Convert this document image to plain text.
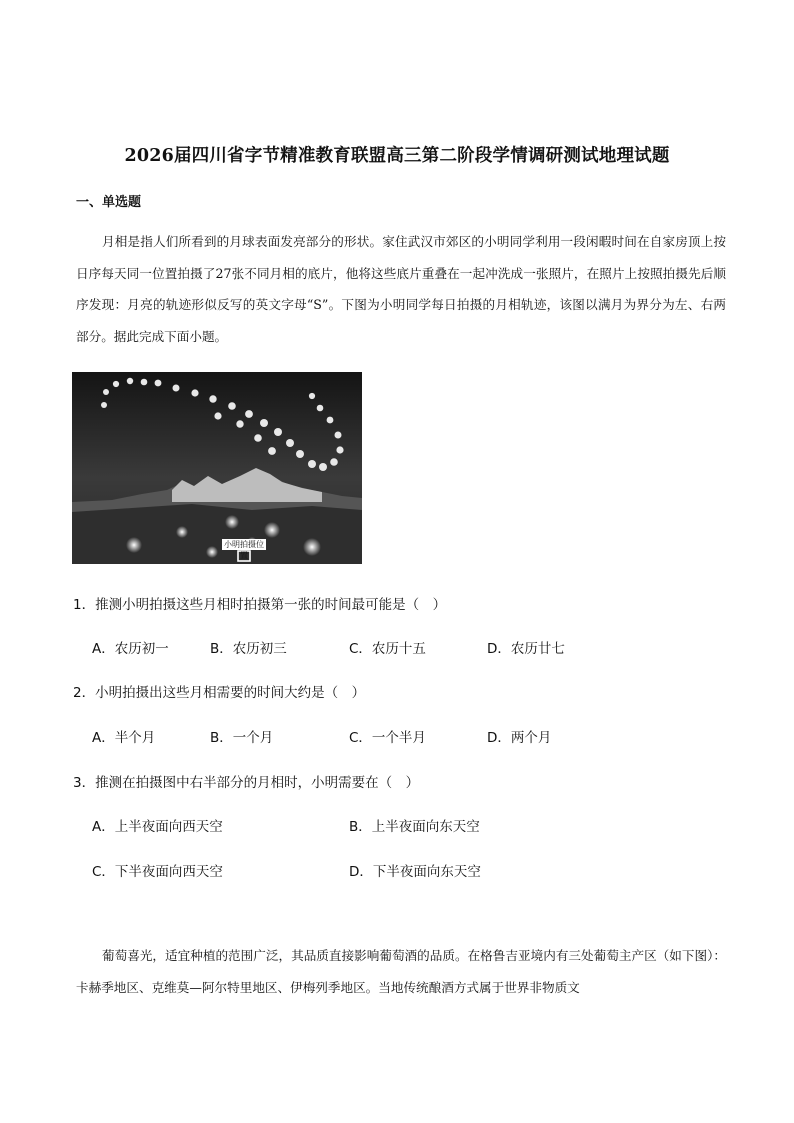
2026届四川省字节精准教育联盟高三第二阶段学情调研测试地理试题
一、单选题
月相是指人们所看到的月球表面发亮部分的形状。家住武汉市郊区的小明同学利用一段闲暇时间在自家房顶上按日序每天同一位置拍摄了27张不同月相的底片，他将这些底片重叠在一起冲洗成一张照片，在照片上按照拍摄先后顺序发现：月亮的轨迹形似反写的英文字母“S”。下图为小明同学每日拍摄的月相轨迹，该图以满月为界分为左、右两部分。据此完成下面小题。
小明拍摄位置
1．推测小明拍摄这些月相时拍摄第一张的时间最可能是（　）
A．农历初一	B．农历初三	C．农历十五	D．农历廿七
2．小明拍摄出这些月相需要的时间大约是（　）
A．半个月	B．一个月	C．一个半月	D．两个月
3．推测在拍摄图中右半部分的月相时，小明需要在（　）
A．上半夜面向西天空	B．上半夜面向东天空
C．下半夜面向西天空	D．下半夜面向东天空
葡萄喜光，适宜种植的范围广泛，其品质直接影响葡萄酒的品质。在格鲁吉亚境内有三处葡萄主产区（如下图）：卡赫季地区、克维莫—阿尔特里地区、伊梅列季地区。当地传统酿酒方式属于世界非物质文
